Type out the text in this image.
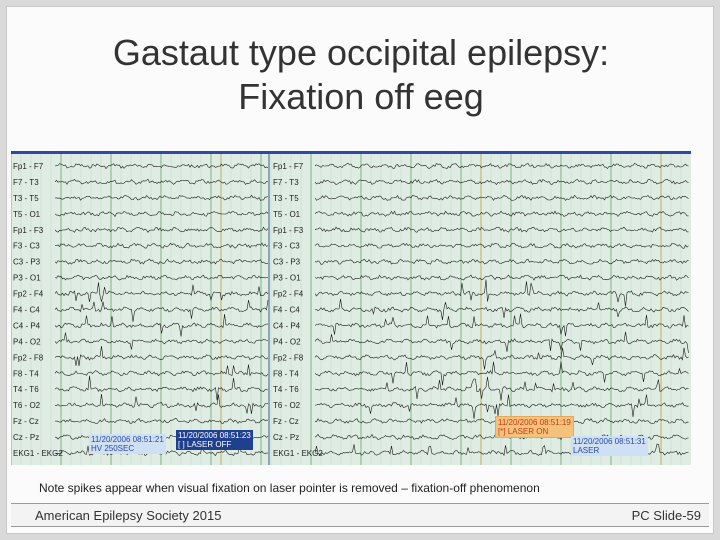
Gastaut type occipital epilepsy:
Fixation off eeg
Fp1 - F7
F7 - T3
T3 - T5
T5 - O1
Fp1 - F3
F3 - C3
C3 - P3
P3 - O1
Fp2 - F4
F4 - C4
C4 - P4
P4 - O2
Fp2 - F8
F8 - T4
T4 - T6
T6 - O2
Fz - Cz
Cz - Pz
EKG1 - EKG2
Fp1 - F7
F7 - T3
T3 - T5
T5 - O1
Fp1 - F3
F3 - C3
C3 - P3
P3 - O1
Fp2 - F4
F4 - C4
C4 - P4
P4 - O2
Fp2 - F8
F8 - T4
T4 - T6
T6 - O2
Fz - Cz
Cz - Pz
EKG1 - EKG2
11/20/2006 08:51:21
HV 250SEC
11/20/2006 08:51:23
[ ] LASER OFF
11/20/2006 08:51:19
[*] LASER ON
11/20/2006 08:51:31
LASER
Note spikes appear when visual fixation on laser pointer is removed – fixation-off phenomenon
American Epilepsy Society 2015	PC Slide-59
